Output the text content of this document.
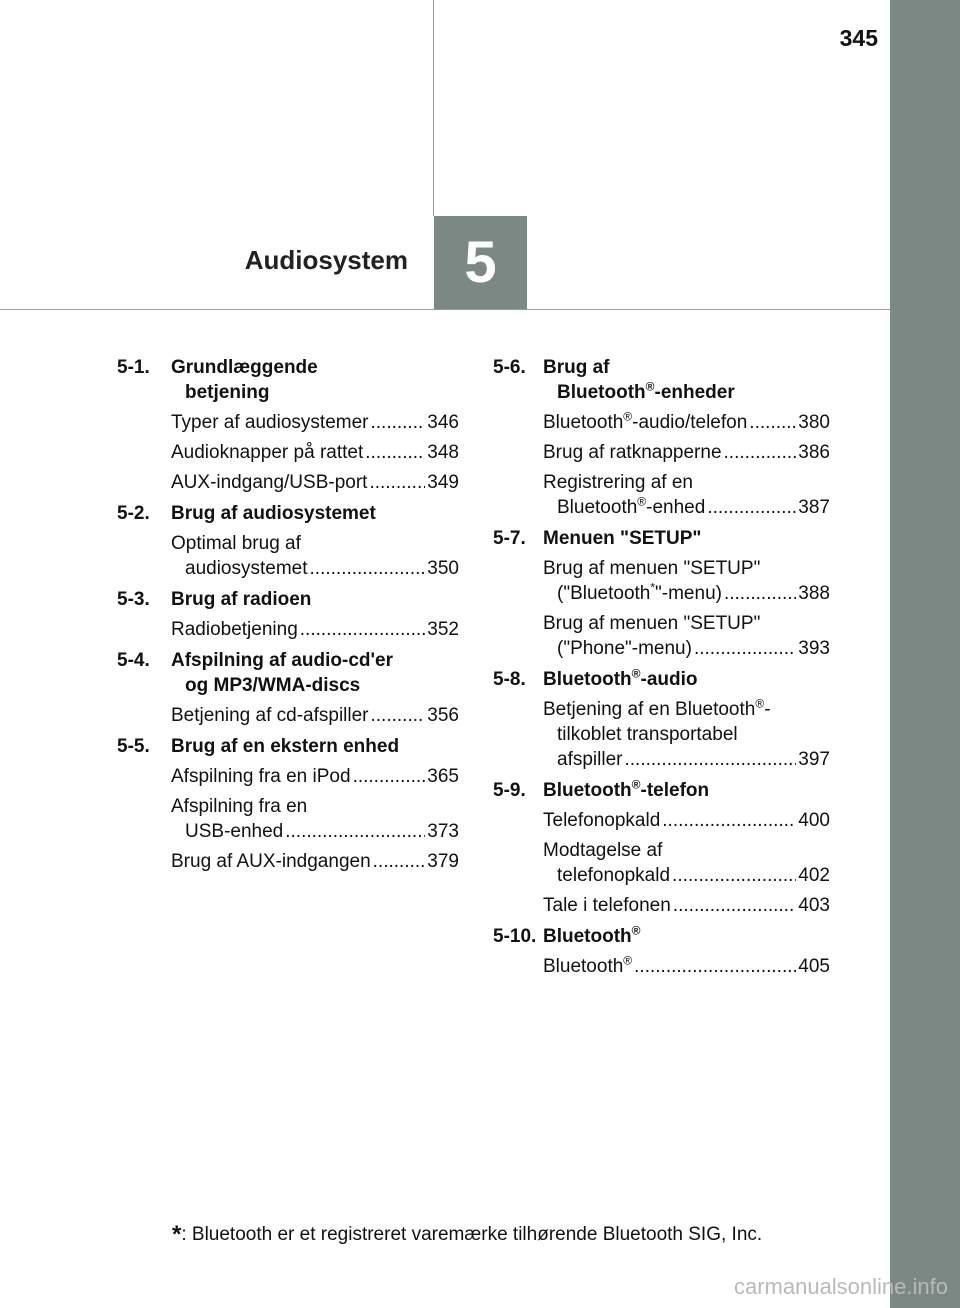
345
Audiosystem 5
5-1.	Grundlæggende
betjening
Typer af audiosystemer .....	346
Audioknapper på rattet .....	348
AUX-indgang/USB-port .....	349
5-2.	Brug af audiosystemet
Optimal brug af
audiosystemet .....	350
5-3.	Brug af radioen
Radiobetjening .....	352
5-4.	Afspilning af audio-cd'er
og MP3/WMA-discs
Betjening af cd-afspiller .....	356
5-5.	Brug af en ekstern enhed
Afspilning fra en iPod .....	365
Afspilning fra en
USB-enhed .....	373
Brug af AUX-indgangen .....	379
5-6. Brug af
Bluetooth®-enheder
Bluetooth®-audio/telefon .....	380
Brug af ratknapperne .....	386
Registrering af en
Bluetooth®-enhed .....	387
5-7. Menuen "SETUP"
Brug af menuen "SETUP"
("Bluetooth*"-menu) .....	388
Brug af menuen "SETUP"
("Phone"-menu) .....	393
5-8. Bluetooth®-audio
Betjening af en Bluetooth®-
tilkoblet transportabel
afspiller .....	397
5-9. Bluetooth®-telefon
Telefonopkald .....	400
Modtagelse af
telefonopkald .....	402
Tale i telefonen .....	403
5-10. Bluetooth®
Bluetooth® .....	405
*: Bluetooth er et registreret varemærke tilhørende Bluetooth SIG, Inc.
carmanualsonline.info
